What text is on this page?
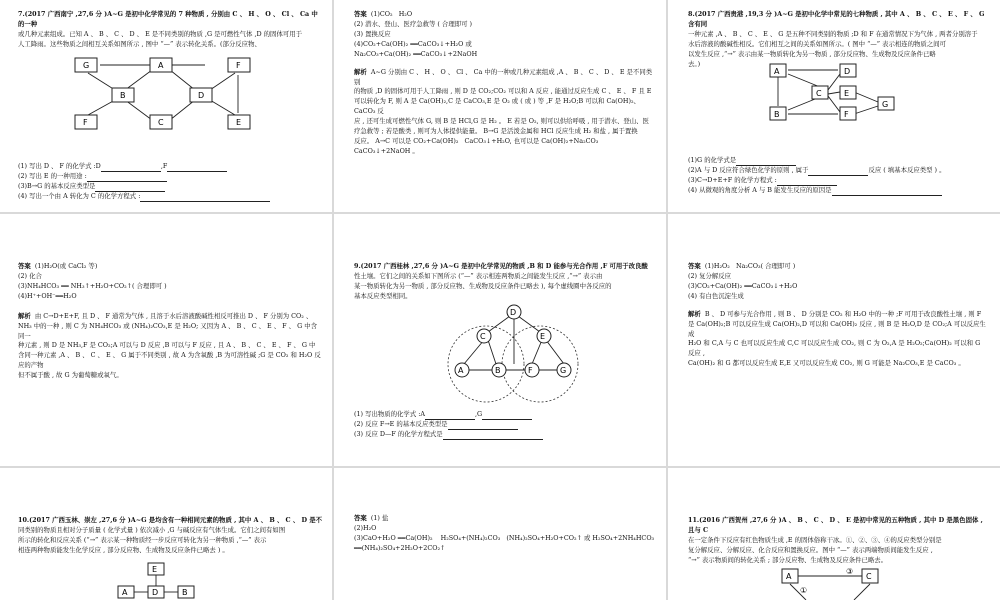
7.(2017 广西南宁 ,27,6 分 )A~G 是初中化学常见的 7 种物质 , 分别由 C 、 H 、 O 、 Cl 、 Ca 中的一种

或几种元素组成。已知 A 、 B 、 C 、 D 、 E 是不同类别的物质 ,G 是可燃性气体 ,D 的固体可用于

人工降雨。这些物质之间相互关系如图所示 , 图中 “—” 表示转化关系。(部分反应物、

G	A	F
B	D
F	C	E

(1) 写出 D 、 F 的化学式 :D	,F

(2) 写出 E 的一种用途 :

(3)B→G 的基本反应类型是

(4) 写出一个由 A 转化为 C 的化学方程式 :

答案 (1)CO₂   H₂O

(2) 潜水、登山、医疗急救等 ( 合理即可 )

(3) 置换反应

(4)CO₂+Ca(OH)₂ ══CaCO₃↓+H₂O 或

Na₂CO₃+Ca(OH)₂ ══CaCO₃↓+2NaOH

解析 A~G 分别由 C 、 H 、 O 、 Cl 、 Ca 中的一种或几种元素组成 ,A 、 B 、 C 、 D 、 E 是不同类别

的物质 ,D 的固体可用于人工降雨 , 则 D 是 CO₂;CO₂ 可以和 A 反应 , 能通过反应生成 C 、 E 、 F 且 E

可以转化为 F, 则 A 是 Ca(OH)₂,C 是 CaCO₃,E 是 O₂ 或 ( 或 ) 等 ,F 是 H₂O;B 可以和 Ca(OH)₂、 CaCO₃ 反

应 , 还可生成可燃性气体 G, 则 B 是 HCl,G 是 H₂ 。 E 若是 O₂, 则可以供给呼吸 , 用于潜水、登山、医

疗急救等 ; 若是酸类 , 则可为人体提供能量。 B→G 是活泼金属和 HCl 反应生成 H₂ 和盐 , 属于置换

反应。 A→C 可以是 CO₂+Ca(OH)₂   CaCO₃↓+H₂O, 也可以是 Ca(OH)₂+Na₂CO₃

CaCO₃↓+2NaOH 。

8.(2017 广西贵港 ,19,3 分 )A~G 是初中化学中常见的七种物质 , 其中 A 、 B 、 C 、 E 、 F 、 G 含有同

一种元素 ,A 、 B 、 C 、 E 、 G 是五种不同类别的物质 ;D 和 F 在通常情况下为气体 , 两者分别溶于

水后溶液的酸碱性相反。它们相互之间的关系如图所示。( 图中 “—” 表示相连的物质之间可

以发生反应 ,“→” 表示由某一物质转化为另一物质 , 部分反应物、生成物及反应条件已略

去。)

A	D
C	E
B	F
G

(1)G 的化学式是

(2)A 与 D 反应符合绿色化学的原则 , 属于	反应 ( 填基本反应类型 ) 。

(3)C→D+E+F 的化学方程式 :

(4) 从微观的角度分析 A 与 B 能发生反应的原因是

答案 (1)H₂O(或 CaCl₂ 等)

(2) 化合

(3)NH₄HCO₃ ══ NH₃↑+H₂O+CO₂↑( 合理即可 )

(4)H⁺+OH⁻══H₂O

解析 由 C→D+E+F, 且 D 、 F 通常为气体 , 且溶于水后溶液酸碱性相反可推出 D 、 F 分别为 CO₂ 、

NH₃ 中的一种 , 则 C 为 NH₄HCO₃ 或 (NH₄)₂CO₃,E 是 H₂O; 又因为 A 、 B 、 C 、 E 、 F 、 G 中含同一

种元素 , 则 D 是 NH₃,F 是 CO₂;A 可以与 D 反应 ,B 可以与 F 反应 , 且 A 、 B 、 C 、 E 、 F 、 G 中

含同一种元素 ,A 、 B 、 C 、 E 、 G 属于不同类别 , 故 A 为含氧酸 ,B 为可溶性碱 ;G 是 CO₂ 和 H₂O 反应的产物

但不属于酸 , 故 G 为葡萄糖或氧气。

9.(2017 广西桂林 ,27,6 分 )A~G 是初中化学常见的物质 ,B 和 D 能参与光合作用 ,F 可用于改良酸

性土壤。它们之间的关系如下图所示 (“—” 表示相连两物质之间能发生反应 ,“→” 表示由

某一物质转化为另一物质 , 部分反应物、生成物及反应条件已略去 ), 每个虚线圈中各反应的

基本反应类型相同。

D
C	E
A	B	F	G

(1) 写出物质的化学式 :A	,G

(2) 反应 F→E 的基本反应类型是

(3) 反应 D—F 的化学方程式是

答案 (1)H₂O₂   Na₂CO₃( 合理即可 )

(2) 复分解反应

(3)CO₂+Ca(OH)₂ ══CaCO₃↓+H₂O

(4) 有白色沉淀生成

解析 B 、 D 可参与光合作用 , 则 B 、 D 分别是 CO₂ 和 H₂O 中的一种 ;F 可用于改良酸性土壤 , 则 F

是 Ca(OH)₂;B 可以反应生成 Ca(OH)₂,D 可以和 Ca(OH)₂ 反应 , 则 B 是 H₂O,D 是 CO₂;A 可以反应生成

H₂O 和 C,A 与 C 也可以反应生成 C,C 可以反应生成 CO₂, 则 C 为 O₂,A 是 H₂O₂;Ca(OH)₂ 可以和 G 反应 ,

Ca(OH)₂ 和 G 都可以反应生成 E,E 又可以反应生成 CO₂, 则 G 可能是 Na₂CO₃,E 是 CaCO₃ 。

10.(2017 广西玉林、崇左 ,27,6 分 )A~G 是均含有一种相同元素的物质 , 其中 A 、 B 、 C 、 D 是不

同类别的物质且相对分子质量 ( 化学式量 ) 依次减小 ,G 与碱反应有气体生成。它们之间有如图

所示的转化和反应关系 (“→” 表示某一种物质经一步反应可转化为另一种物质 ,“—” 表示

相连两种物质能发生化学反应 , 部分反应物、生成物及反应条件已略去 ) 。

E
A	D	B

答案 (1) 盐

(2)H₂O

(3)CaO+H₂O ══Ca(OH)₂    H₂SO₄+(NH₄)₂CO₃   (NH₄)₂SO₄+H₂O+CO₂↑ 或 H₂SO₄+2NH₄HCO₃

══(NH₄)₂SO₄+2H₂O+2CO₂↑

11.(2016 广西贺州 ,27,6 分 )A 、 B 、 C 、 D 、 E 是初中常见的五种物质 , 其中 D 是黑色固体 , 且与 C

在一定条件下反应有红色物质生成 ,E 的固体俗称干冰。①、②、③、④的反应类型分别是

复分解反应、分解反应、化合反应和置换反应。图中 “—” 表示两端物质间能发生反应 ,

“→” 表示物质间的转化关系 ; 部分反应物、生成物及反应条件已略去。

A	C
①
③
